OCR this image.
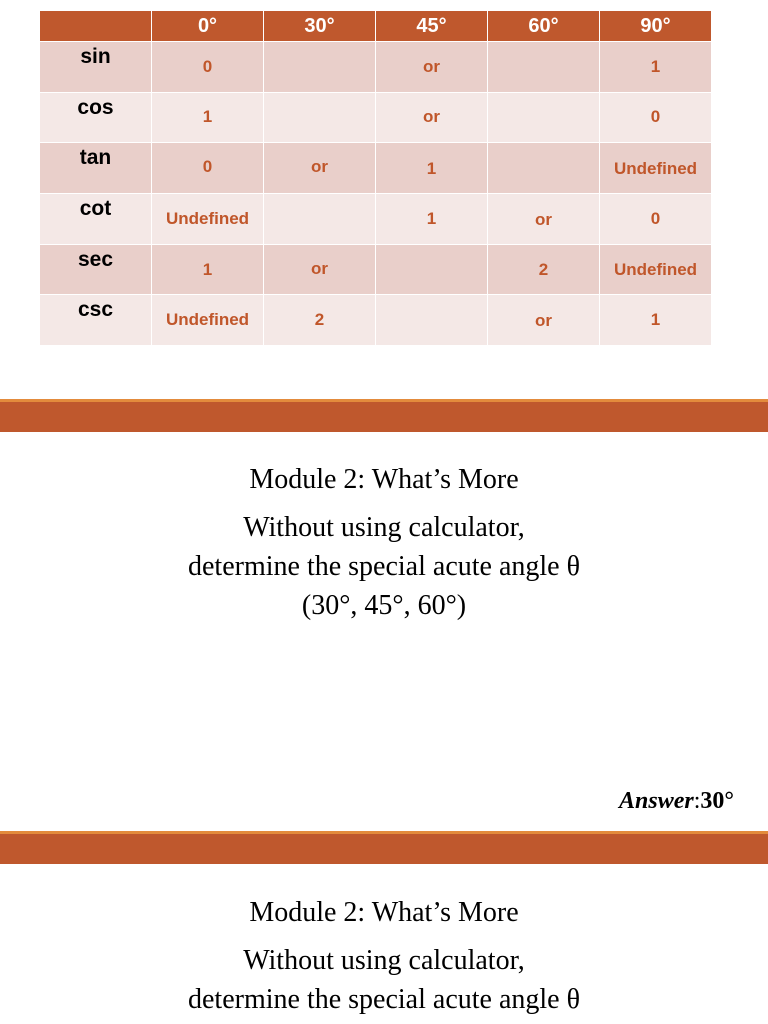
	0°	30°	45°	60°	90°
sin	0		or		1
cos	1		or		0
tan	0	or	1		Undefined
cot	Undefined		1	or	0
sec	1	or		2	Undefined
csc	Undefined	2		or	1
Module 2: What’s More
Without using calculator,
determine the special acute angle θ
(30°, 45°, 60°)
Answer:30°
Module 2: What’s More
Without using calculator,
determine the special acute angle θ
